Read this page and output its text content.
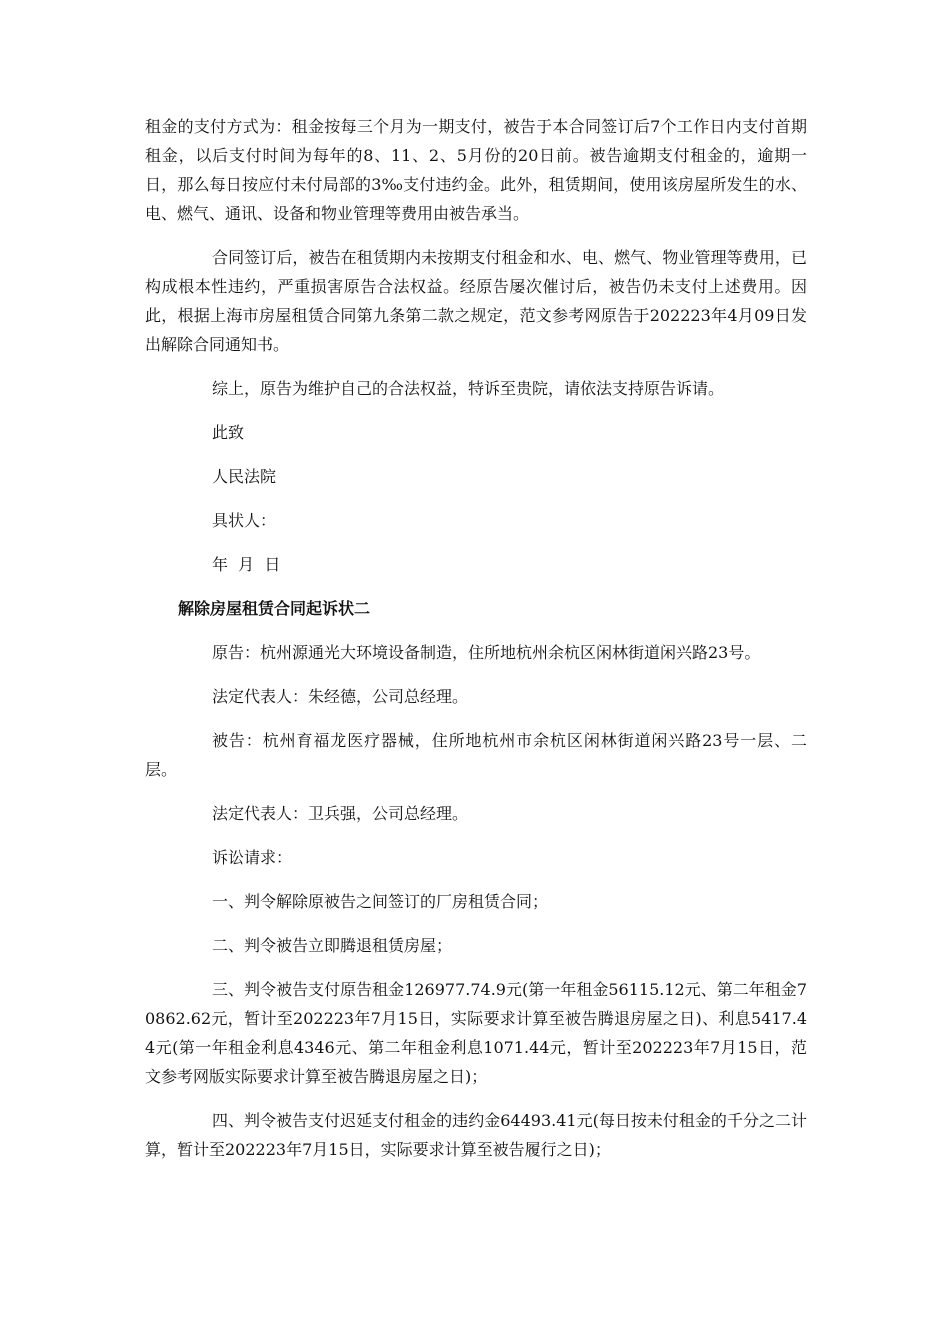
租金的支付方式为：租金按每三个月为一期支付，被告于本合同签订后7个工作日内支付首期租金，以后支付时间为每年的8、11、2、5月份的20日前。被告逾期支付租金的，逾期一日，那么每日按应付未付局部的3‰支付违约金。此外，租赁期间，使用该房屋所发生的水、电、燃气、通讯、设备和物业管理等费用由被告承当。

合同签订后，被告在租赁期内未按期支付租金和水、电、燃气、物业管理等费用，已构成根本性违约，严重损害原告合法权益。经原告屡次催讨后，被告仍未支付上述费用。因此，根据上海市房屋租赁合同第九条第二款之规定，范文参考网原告于202223年4月09日发出解除合同通知书。

综上，原告为维护自己的合法权益，特诉至贵院，请依法支持原告诉请。

此致

人民法院

具状人：

年  月  日

解除房屋租赁合同起诉状二

原告：杭州源通光大环境设备制造，住所地杭州余杭区闲林街道闲兴路23号。

法定代表人：朱经德，公司总经理。

被告：杭州育福龙医疗器械，住所地杭州市余杭区闲林街道闲兴路23号一层、二层。

法定代表人：卫兵强，公司总经理。

诉讼请求：

一、判令解除原被告之间签订的厂房租赁合同；

二、判令被告立即腾退租赁房屋；

三、判令被告支付原告租金126977.74.9元(第一年租金56115.12元、第二年租金70862.62元，暂计至202223年7月15日，实际要求计算至被告腾退房屋之日)、利息5417.44元(第一年租金利息4346元、第二年租金利息1071.44元，暂计至202223年7月15日，范文参考网版实际要求计算至被告腾退房屋之日)；

四、判令被告支付迟延支付租金的违约金64493.41元(每日按未付租金的千分之二计算，暂计至202223年7月15日，实际要求计算至被告履行之日)；
